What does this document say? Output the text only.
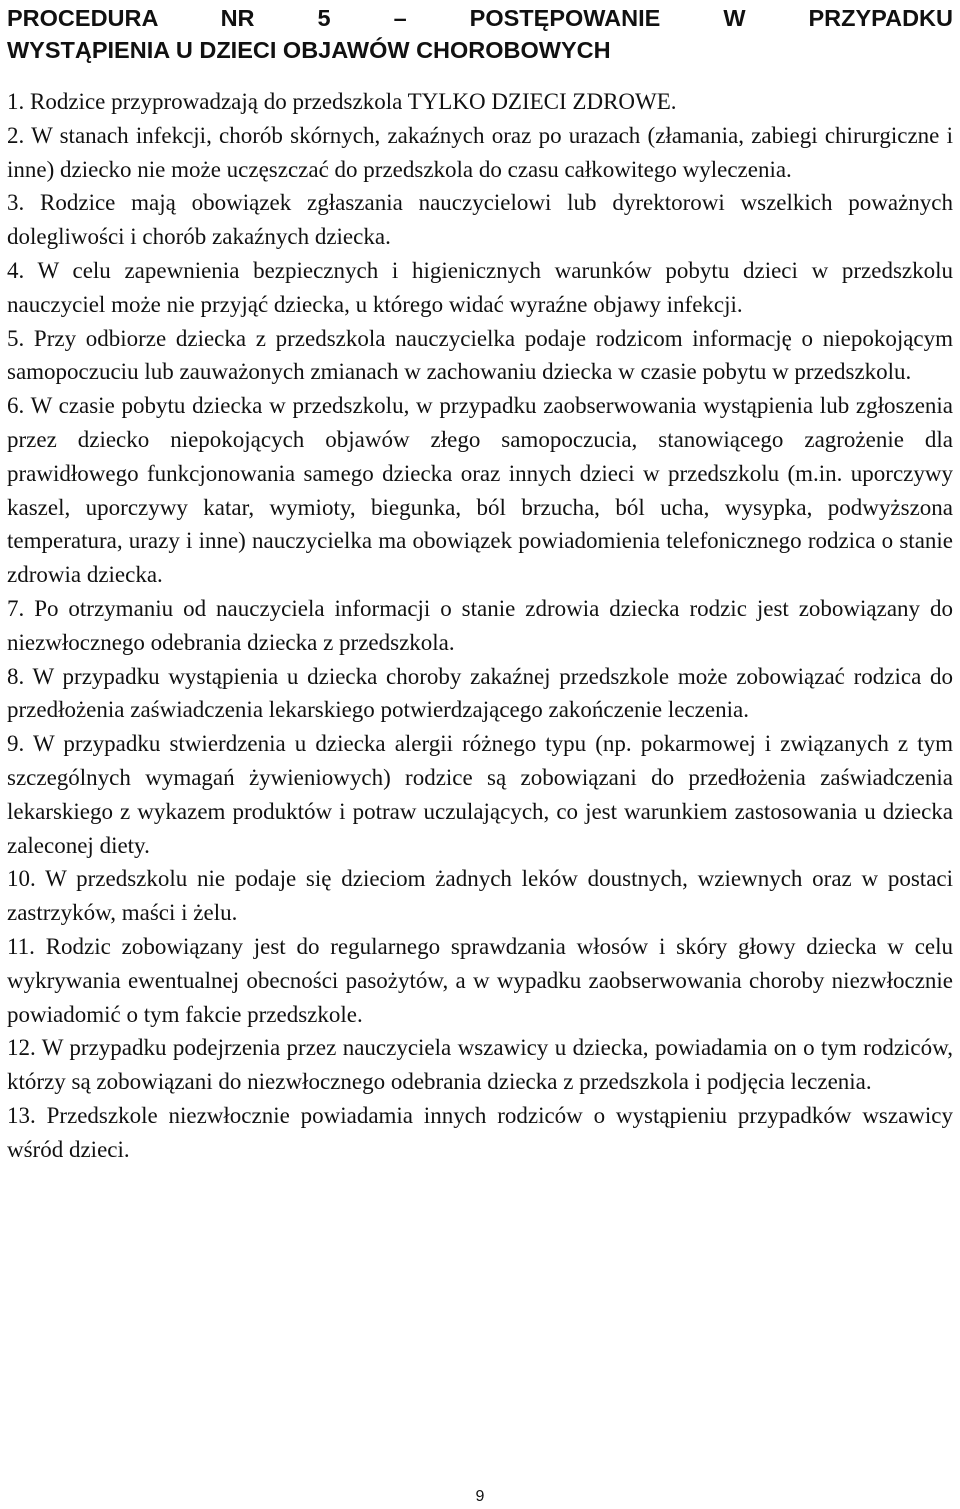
PROCEDURA NR 5 – POSTĘPOWANIE W PRZYPADKU
WYSTĄPIENIA U DZIECI OBJAWÓW CHOROBOWYCH
1. Rodzice przyprowadzają do przedszkola TYLKO DZIECI ZDROWE.
2. W stanach infekcji, chorób skórnych, zakaźnych oraz po urazach (złamania, zabiegi chirurgiczne i inne) dziecko nie może uczęszczać do przedszkola do czasu całkowitego wyleczenia.
3. Rodzice mają obowiązek zgłaszania nauczycielowi lub dyrektorowi wszelkich poważnych dolegliwości i chorób zakaźnych dziecka.
4. W celu zapewnienia bezpiecznych i higienicznych warunków pobytu dzieci w przedszkolu nauczyciel może nie przyjąć dziecka, u którego widać wyraźne objawy infekcji.
5. Przy odbiorze dziecka z przedszkola nauczycielka podaje rodzicom informację o niepokojącym samopoczuciu lub zauważonych zmianach w zachowaniu dziecka w czasie pobytu w przedszkolu.
6. W czasie pobytu dziecka w przedszkolu, w przypadku zaobserwowania wystąpienia lub zgłoszenia przez dziecko niepokojących objawów złego samopoczucia, stanowiącego zagrożenie dla prawidłowego funkcjonowania samego dziecka oraz innych dzieci w przedszkolu (m.in. uporczywy kaszel, uporczywy katar, wymioty, biegunka, ból brzucha, ból ucha, wysypka, podwyższona temperatura, urazy i inne) nauczycielka ma obowiązek powiadomienia telefonicznego rodzica o stanie zdrowia dziecka.
7. Po otrzymaniu od nauczyciela informacji o stanie zdrowia dziecka rodzic jest zobowiązany do niezwłocznego odebrania dziecka z przedszkola.
8. W przypadku wystąpienia u dziecka choroby zakaźnej przedszkole może zobowiązać rodzica do przedłożenia zaświadczenia lekarskiego potwierdzającego zakończenie leczenia.
9. W przypadku stwierdzenia u dziecka alergii różnego typu (np. pokarmowej i związanych z tym szczególnych wymagań żywieniowych) rodzice są zobowiązani do przedłożenia zaświadczenia lekarskiego z wykazem produktów i potraw uczulających, co jest warunkiem zastosowania u dziecka zaleconej diety.
10. W przedszkolu nie podaje się dzieciom żadnych leków doustnych, wziewnych oraz w postaci zastrzyków, maści i żelu.
11. Rodzic zobowiązany jest do regularnego sprawdzania włosów i skóry głowy dziecka w celu wykrywania ewentualnej obecności pasożytów, a w wypadku zaobserwowania choroby niezwłocznie powiadomić o tym fakcie przedszkole.
12. W przypadku podejrzenia przez nauczyciela wszawicy u dziecka, powiadamia on o tym rodziców, którzy są zobowiązani do niezwłocznego odebrania dziecka z przedszkola i podjęcia leczenia.
13. Przedszkole niezwłocznie powiadamia innych rodziców o wystąpieniu przypadków wszawicy wśród dzieci.
9
